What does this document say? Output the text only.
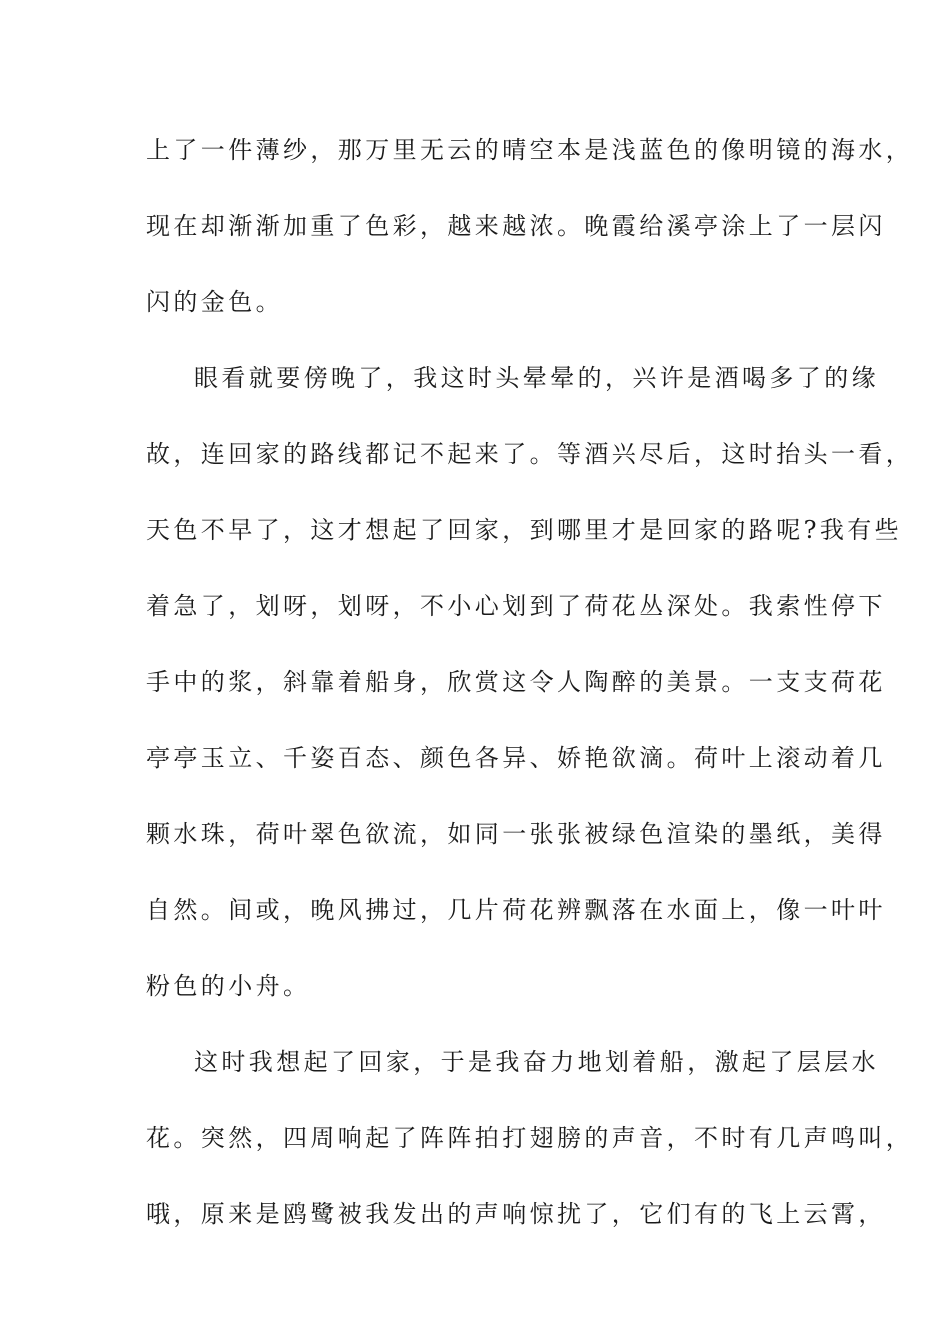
上了一件薄纱，那万里无云的晴空本是浅蓝色的像明镜的海水，
现在却渐渐加重了色彩，越来越浓。晚霞给溪亭涂上了一层闪
闪的金色。
眼看就要傍晚了，我这时头晕晕的，兴许是酒喝多了的缘
故，连回家的路线都记不起来了。等酒兴尽后，这时抬头一看，
天色不早了，这才想起了回家，到哪里才是回家的路呢?我有些
着急了，划呀，划呀，不小心划到了荷花丛深处。我索性停下
手中的浆，斜靠着船身，欣赏这令人陶醉的美景。一支支荷花
亭亭玉立、千姿百态、颜色各异、娇艳欲滴。荷叶上滚动着几
颗水珠，荷叶翠色欲流，如同一张张被绿色渲染的墨纸，美得
自然。间或，晚风拂过，几片荷花辨飘落在水面上，像一叶叶
粉色的小舟。
这时我想起了回家，于是我奋力地划着船，激起了层层水
花。突然，四周响起了阵阵拍打翅膀的声音，不时有几声鸣叫，
哦，原来是鸥鹭被我发出的声响惊扰了，它们有的飞上云霄，
